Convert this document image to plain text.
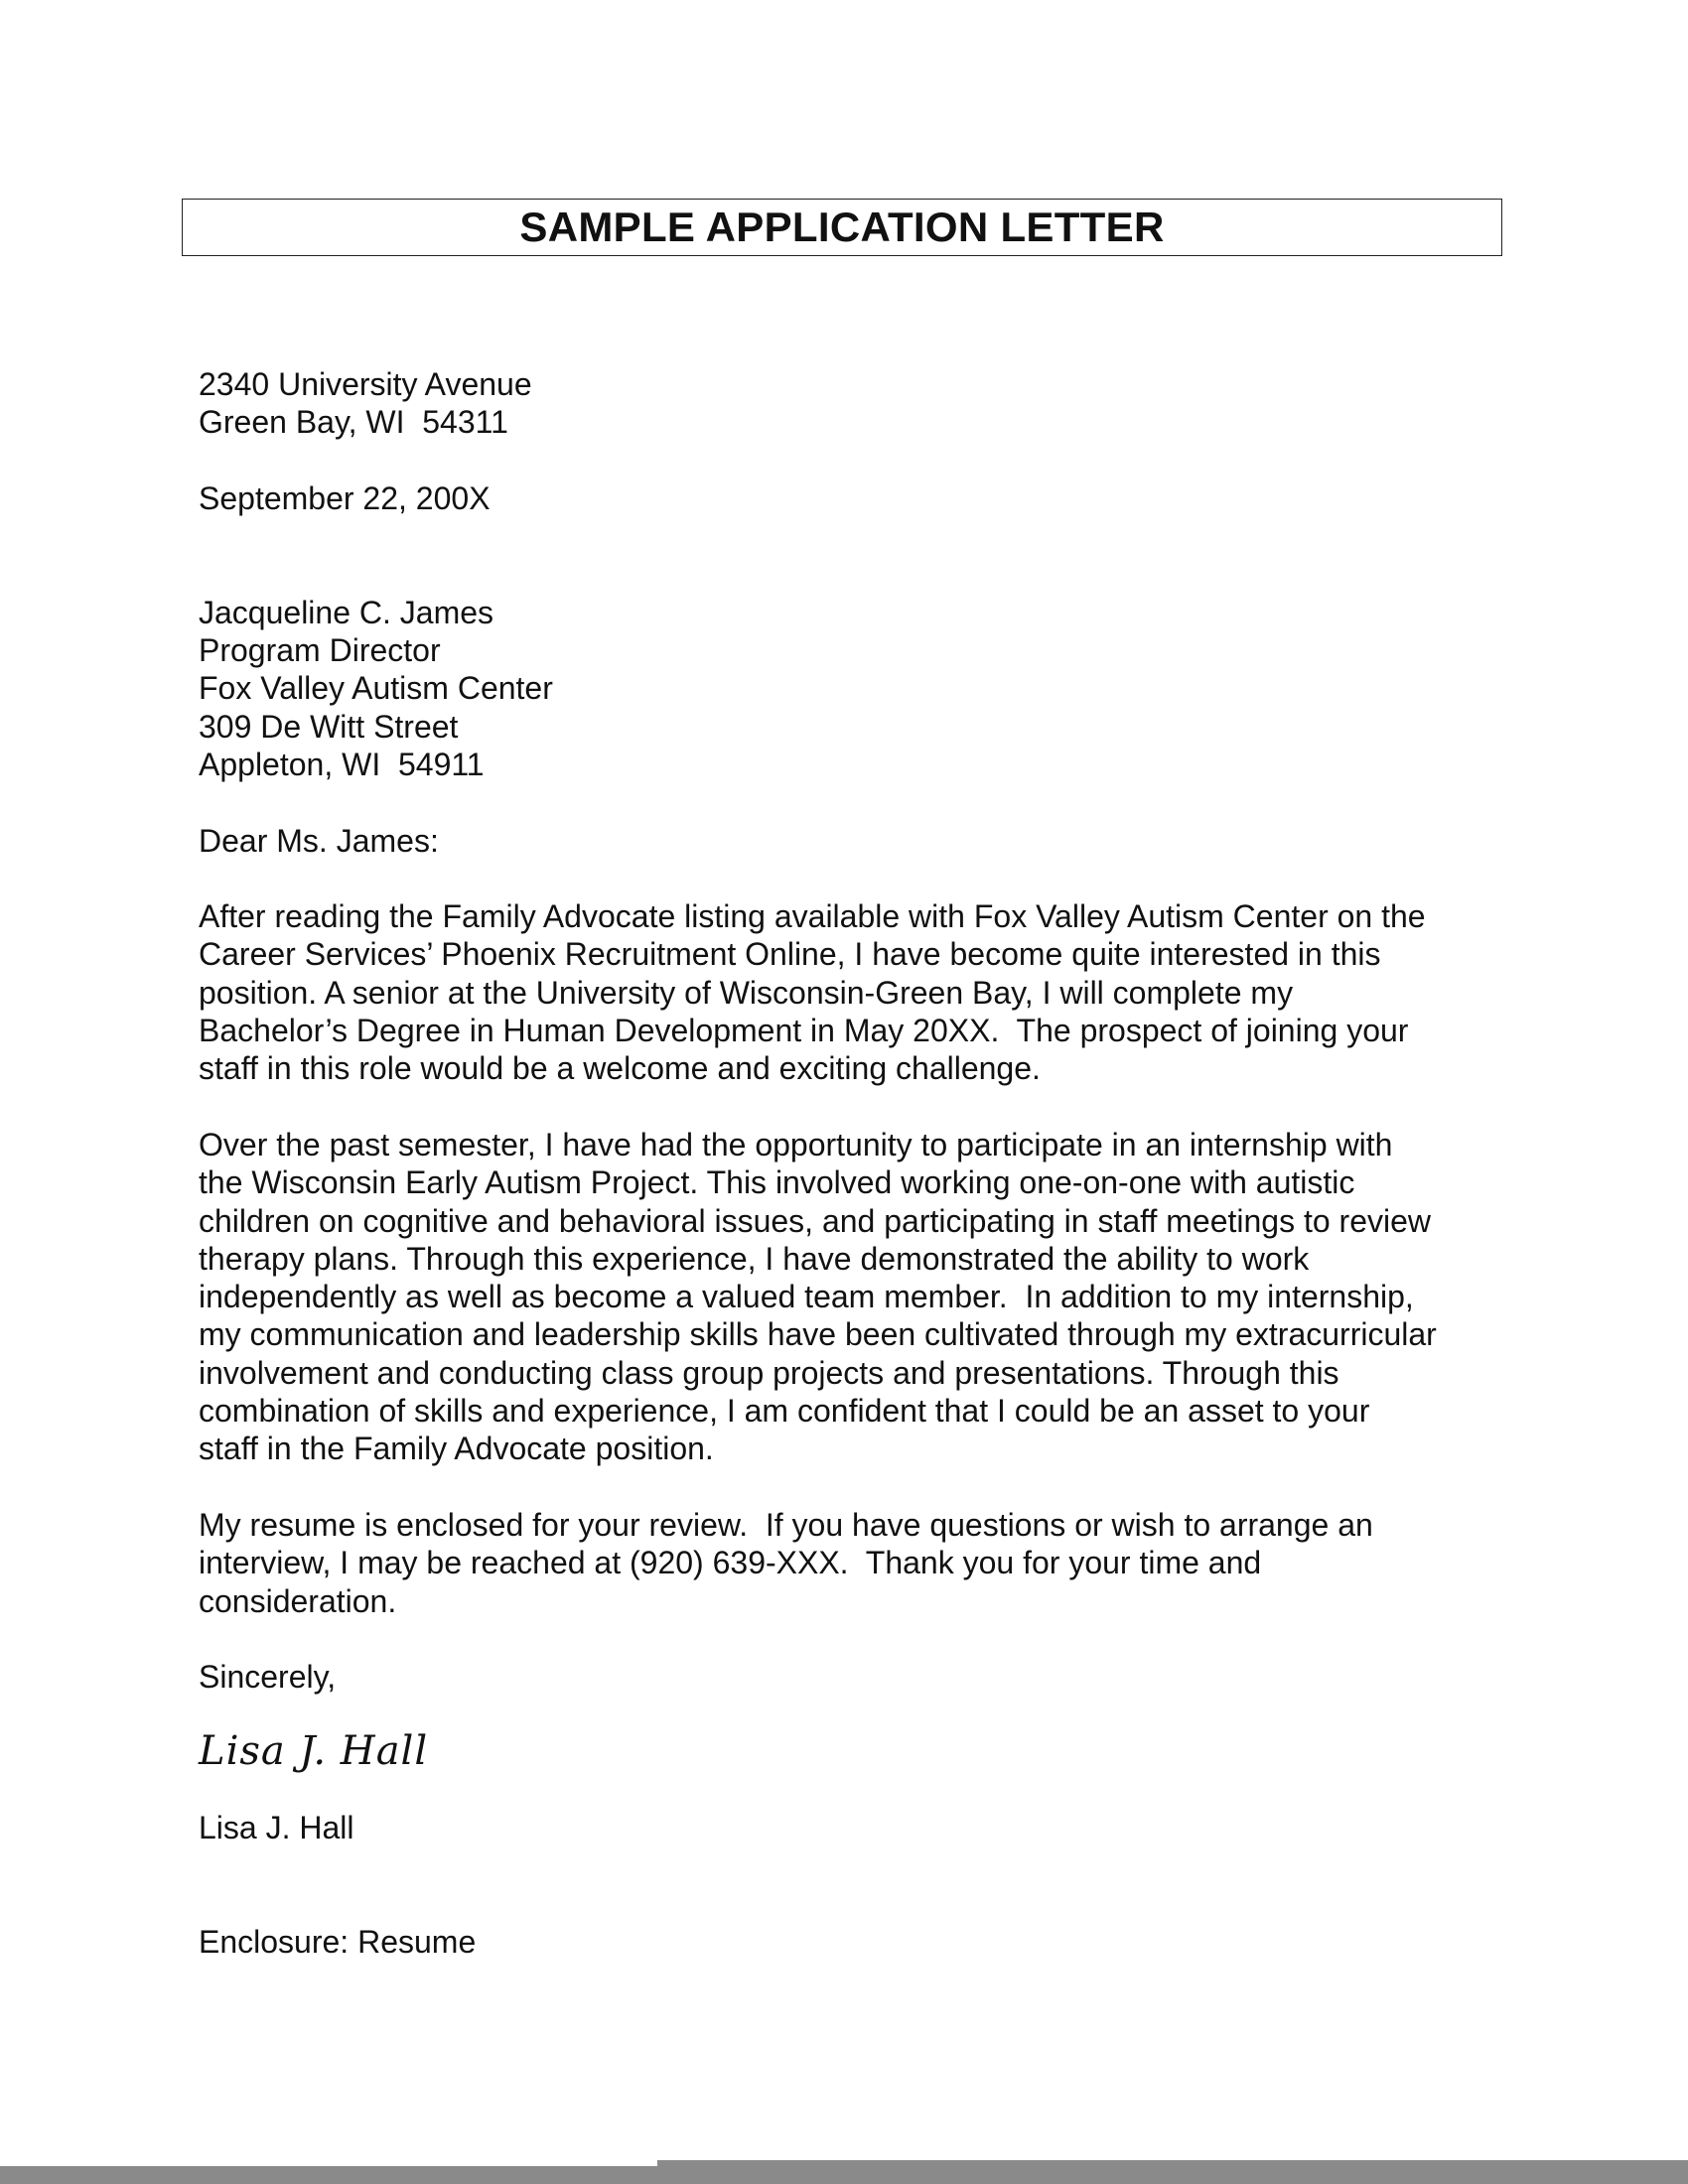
SAMPLE APPLICATION LETTER
2340 University Avenue
Green Bay, WI  54311
September 22, 200X
Jacqueline C. James
Program Director
Fox Valley Autism Center
309 De Witt Street
Appleton, WI  54911
Dear Ms. James:
After reading the Family Advocate listing available with Fox Valley Autism Center on the
Career Services’ Phoenix Recruitment Online, I have become quite interested in this
position. A senior at the University of Wisconsin-Green Bay, I will complete my
Bachelor’s Degree in Human Development in May 20XX.  The prospect of joining your
staff in this role would be a welcome and exciting challenge.
Over the past semester, I have had the opportunity to participate in an internship with
the Wisconsin Early Autism Project. This involved working one-on-one with autistic
children on cognitive and behavioral issues, and participating in staff meetings to review
therapy plans. Through this experience, I have demonstrated the ability to work
independently as well as become a valued team member.  In addition to my internship,
my communication and leadership skills have been cultivated through my extracurricular
involvement and conducting class group projects and presentations. Through this
combination of skills and experience, I am confident that I could be an asset to your
staff in the Family Advocate position.
My resume is enclosed for your review.  If you have questions or wish to arrange an
interview, I may be reached at (920) 639-XXX.  Thank you for your time and
consideration.
Sincerely,
Lisa J. Hall
Lisa J. Hall
Enclosure: Resume
